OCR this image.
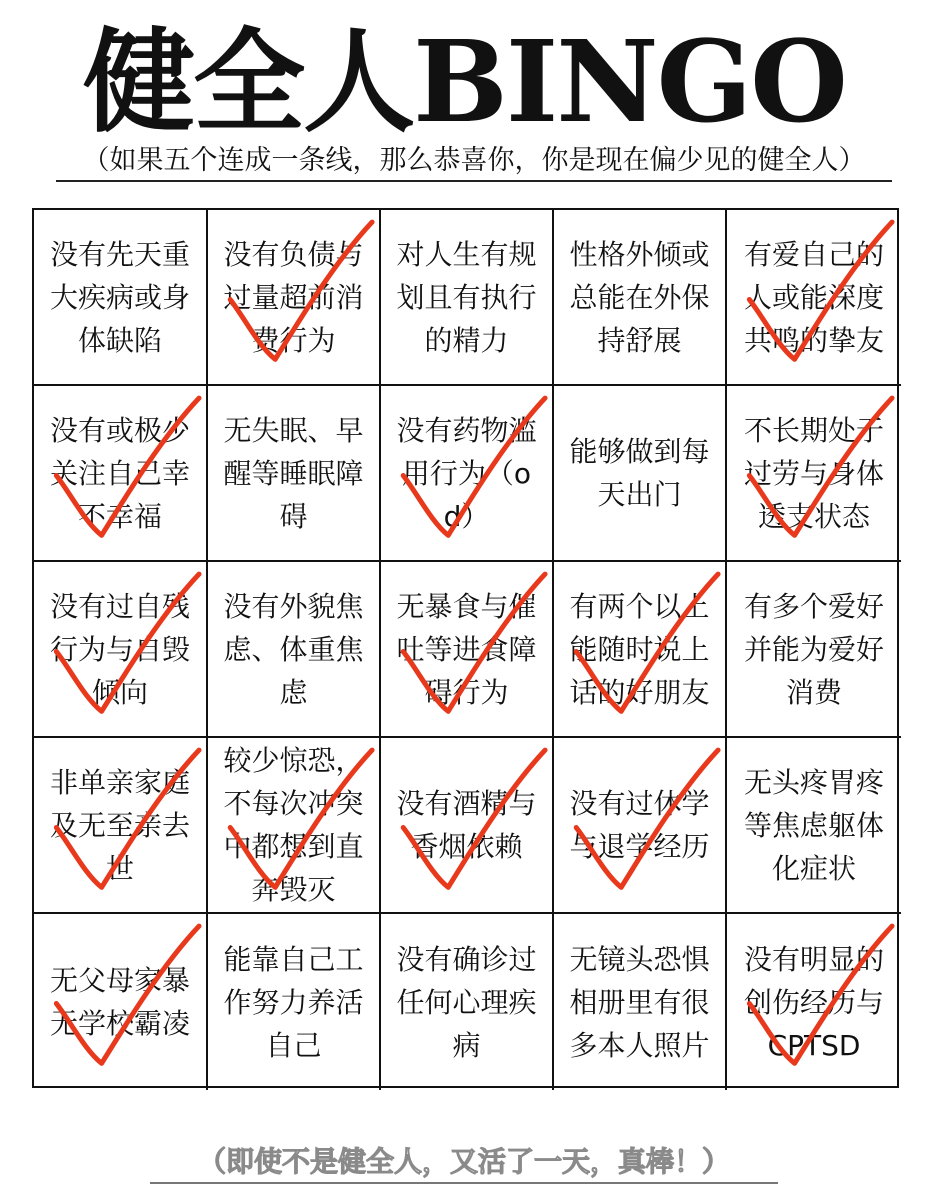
健全人BINGO
（如果五个连成一条线，那么恭喜你，你是现在偏少见的健全人）
没有先天重大疾病或身体缺陷
没有负债与过量超前消费行为
对人生有规划且有执行的精力
性格外倾或总能在外保持舒展
有爱自己的人或能深度共鸣的挚友
没有或极少关注自己幸不幸福
无失眠、早醒等睡眠障碍
没有药物滥用行为（od）
能够做到每天出门
不长期处于过劳与身体透支状态
没有过自残行为与自毁倾向
没有外貌焦虑、体重焦虑
无暴食与催吐等进食障碍行为
有两个以上能随时说上话的好朋友
有多个爱好并能为爱好消费
非单亲家庭及无至亲去世
较少惊恐，不每次冲突中都想到直奔毁灭
没有酒精与香烟依赖
没有过休学与退学经历
无头疼胃疼等焦虑躯体化症状
无父母家暴无学校霸凌
能靠自己工作努力养活自己
没有确诊过任何心理疾病
无镜头恐惧相册里有很多本人照片
没有明显的创伤经历与CPTSD
（即使不是健全人，又活了一天，真棒！）
